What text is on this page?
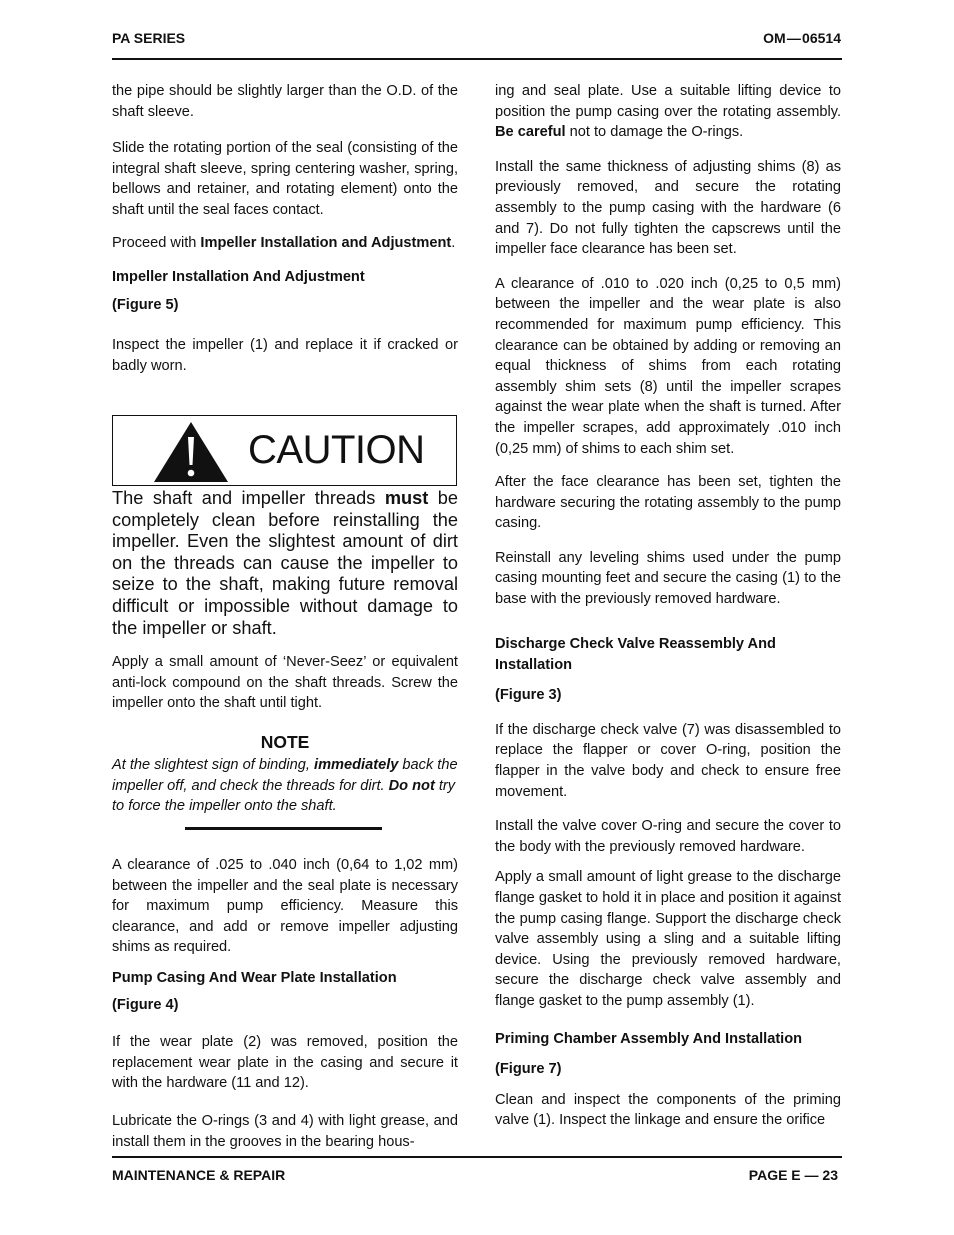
PA SERIES	OM — 06514

the pipe should be slightly larger than the O.D. of the shaft sleeve.

Slide the rotating portion of the seal (consisting of the integral shaft sleeve, spring centering washer, spring, bellows and retainer, and rotating element) onto the shaft until the seal faces contact.

Proceed with Impeller Installation and Adjustment.

Impeller Installation And Adjustment
(Figure 5)

Inspect the impeller (1) and replace it if cracked or badly worn.

CAUTION
The shaft and impeller threads must be completely clean before reinstalling the impeller. Even the slightest amount of dirt on the threads can cause the impeller to seize to the shaft, making future removal difficult or impossible without damage to the impeller or shaft.

Apply a small amount of ‘Never-Seez’ or equivalent anti-lock compound on the shaft threads. Screw the impeller onto the shaft until tight.

NOTE
At the slightest sign of binding, immediately back the impeller off, and check the threads for dirt. Do not try to force the impeller onto the shaft.

A clearance of .025 to .040 inch (0,64 to 1,02 mm) between the impeller and the seal plate is necessary for maximum pump efficiency. Measure this clearance, and add or remove impeller adjusting shims as required.

Pump Casing And Wear Plate Installation
(Figure 4)

If the wear plate (2) was removed, position the replacement wear plate in the casing and secure it with the hardware (11 and 12).

Lubricate the O-rings (3 and 4) with light grease, and install them in the grooves in the bearing hous-

ing and seal plate. Use a suitable lifting device to position the pump casing over the rotating assembly. Be careful not to damage the O-rings.

Install the same thickness of adjusting shims (8) as previously removed, and secure the rotating assembly to the pump casing with the hardware (6 and 7). Do not fully tighten the capscrews until the impeller face clearance has been set.

A clearance of .010 to .020 inch (0,25 to 0,5 mm) between the impeller and the wear plate is also recommended for maximum pump efficiency. This clearance can be obtained by adding or removing an equal thickness of shims from each rotating assembly shim sets (8) until the impeller scrapes against the wear plate when the shaft is turned. After the impeller scrapes, add approximately .010 inch (0,25 mm) of shims to each shim set.

After the face clearance has been set, tighten the hardware securing the rotating assembly to the pump casing.

Reinstall any leveling shims used under the pump casing mounting feet and secure the casing (1) to the base with the previously removed hardware.

Discharge Check Valve Reassembly And Installation
(Figure 3)

If the discharge check valve (7) was disassembled to replace the flapper or cover O-ring, position the flapper in the valve body and check to ensure free movement.

Install the valve cover O-ring and secure the cover to the body with the previously removed hardware.

Apply a small amount of light grease to the discharge flange gasket to hold it in place and position it against the pump casing flange. Support the discharge check valve assembly using a sling and a suitable lifting device. Using the previously removed hardware, secure the discharge check valve assembly and flange gasket to the pump assembly (1).

Priming Chamber Assembly And Installation
(Figure 7)

Clean and inspect the components of the priming valve (1). Inspect the linkage and ensure the orifice

MAINTENANCE & REPAIR	PAGE E — 23
